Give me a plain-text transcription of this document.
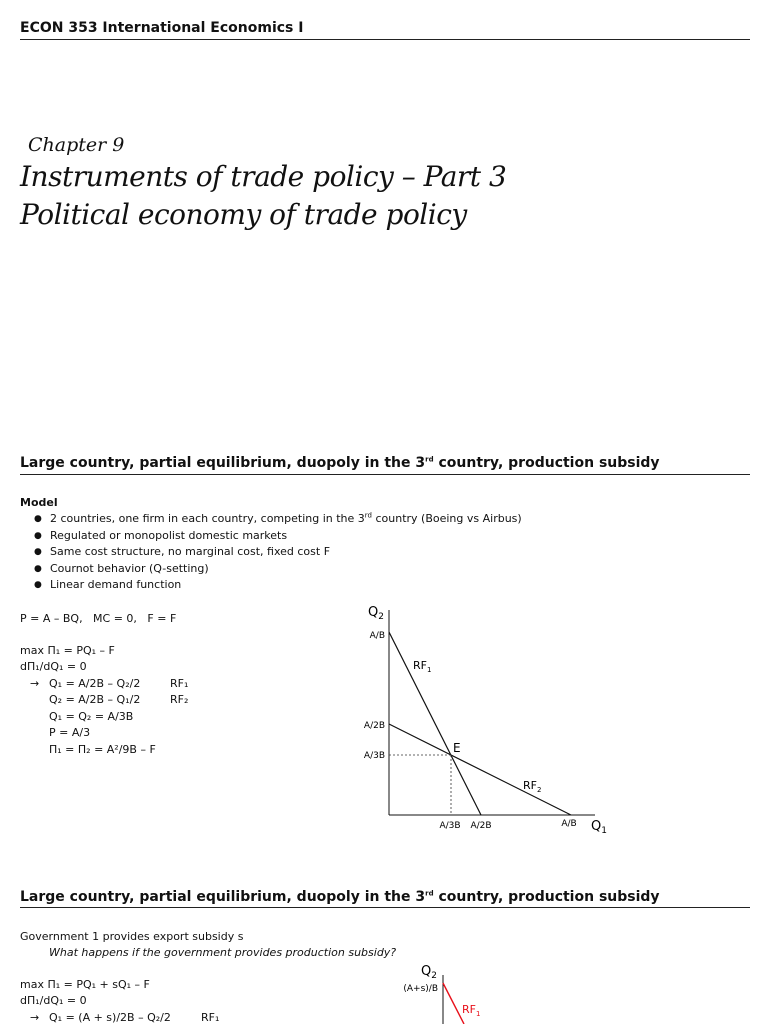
ECON 353 International Economics I
Chapter 9
Instruments of trade policy – Part 3
Political economy of trade policy
Large country, partial equilibrium, duopoly in the 3rd country, production subsidy
Model
● 2 countries, one firm in each country, competing in the 3rd country (Boeing vs Airbus)
● Regulated or monopolist domestic markets
● Same cost structure, no marginal cost, fixed cost F
● Cournot behavior (Q-setting)
● Linear demand function
P = A – BQ,   MC = 0,   F = F
max Π₁ = PQ₁ – F
dΠ₁/dQ₁ = 0
→ Q₁ = A/2B – Q₂/2	RF₁
Q₂ = A/2B – Q₁/2	RF₂
Q₁ = Q₂ = A/3B
P = A/3
Π₁ = Π₂ = A²/9B – F
$Q_2$
$Q_1$
A/B
A/2B
A/3B
A/3B A/2B	A/B
$RF_1$
$RF_2$
E
Large country, partial equilibrium, duopoly in the 3rd country, production subsidy
Government 1 provides export subsidy s
What happens if the government provides production subsidy?
max Π₁ = PQ₁ + sQ₁ – F
dΠ₁/dQ₁ = 0
→ Q₁ = (A + s)/2B – Q₂/2	RF₁
$Q_2$
(A+s)/B
$RF_1$
